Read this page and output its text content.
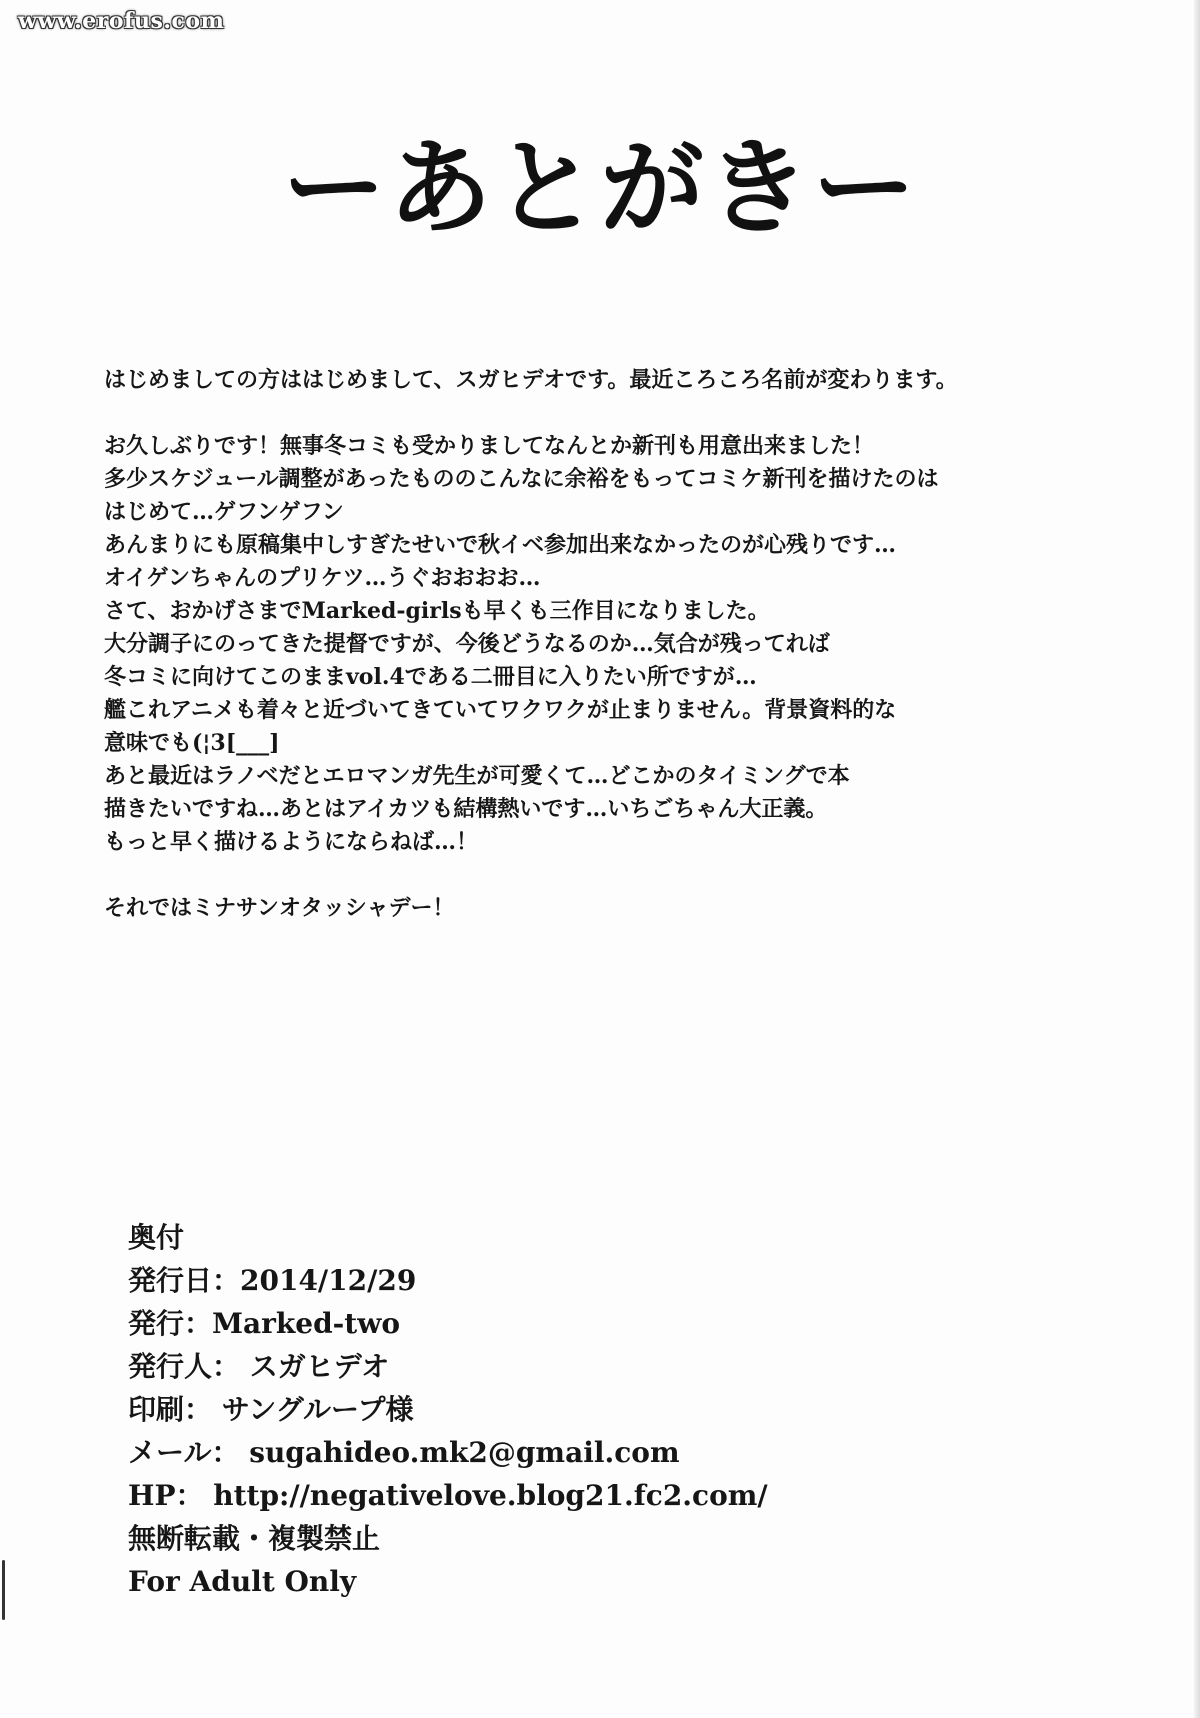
www.erofus.com
ーあとがきー
はじめましての方ははじめまして、スガヒデオです。最近ころころ名前が変わります。
お久しぶりです！無事冬コミも受かりましてなんとか新刊も用意出来ました！
多少スケジュール調整があったもののこんなに余裕をもってコミケ新刊を描けたのは
はじめて…ゲフンゲフン
あんまりにも原稿集中しすぎたせいで秋イベ参加出来なかったのが心残りです…
オイゲンちゃんのプリケツ…うぐおおおお…
さて、おかげさまでMarked-girlsも早くも三作目になりました。
大分調子にのってきた提督ですが、今後どうなるのか…気合が残ってれば
冬コミに向けてこのままvol.4である二冊目に入りたい所ですが…
艦これアニメも着々と近づいてきていてワクワクが止まりません。背景資料的な
意味でも(¦3[___]
あと最近はラノベだとエロマンガ先生が可愛くて…どこかのタイミングで本
描きたいですね…あとはアイカツも結構熱いです…いちごちゃん大正義。
もっと早く描けるようにならねば…！
それではミナサンオタッシャデー！
奥付
発行日：2014/12/29
発行：Marked-two
発行人： スガヒデオ
印刷： サングループ様
メール： sugahideo.mk2@gmail.com
HP： http://negativelove.blog21.fc2.com/
無断転載・複製禁止
For Adult Only
